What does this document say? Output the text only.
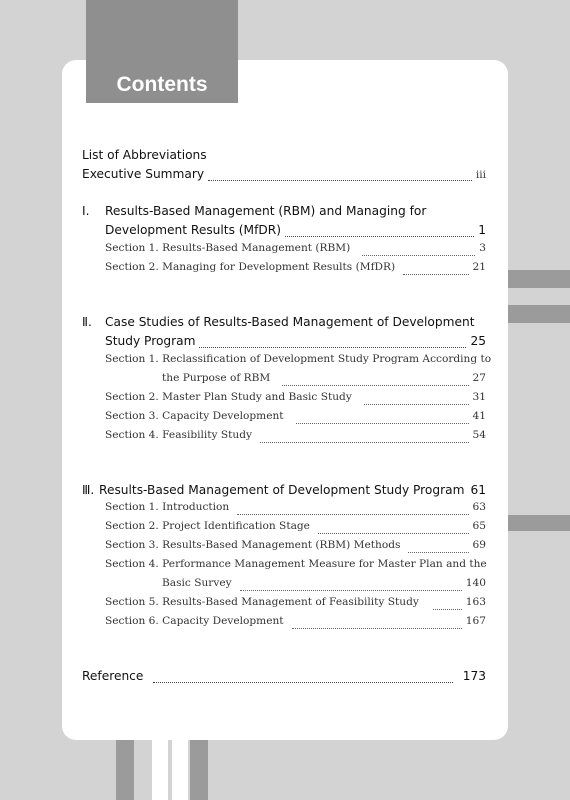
Contents
List of Abbreviations
Executive Summary	iii
Ⅰ.	Results-Based Management (RBM) and Managing for
Development Results (MfDR)	1
Section 1. Results-Based Management (RBM)	3
Section 2. Managing for Development Results (MfDR)	21
Ⅱ.	Case Studies of Results-Based Management of Development
Study Program	25
Section 1. Reclassification of Development Study Program According to
the Purpose of RBM	27
Section 2. Master Plan Study and Basic Study	31
Section 3. Capacity Development	41
Section 4. Feasibility Study	54
Ⅲ. Results-Based Management of Development Study Program 61
Section 1. Introduction	63
Section 2. Project Identification Stage	65
Section 3. Results-Based Management (RBM) Methods	69
Section 4. Performance Management Measure for Master Plan and the
Basic Survey	140
Section 5. Results-Based Management of Feasibility Study	163
Section 6. Capacity Development	167
Reference	173
